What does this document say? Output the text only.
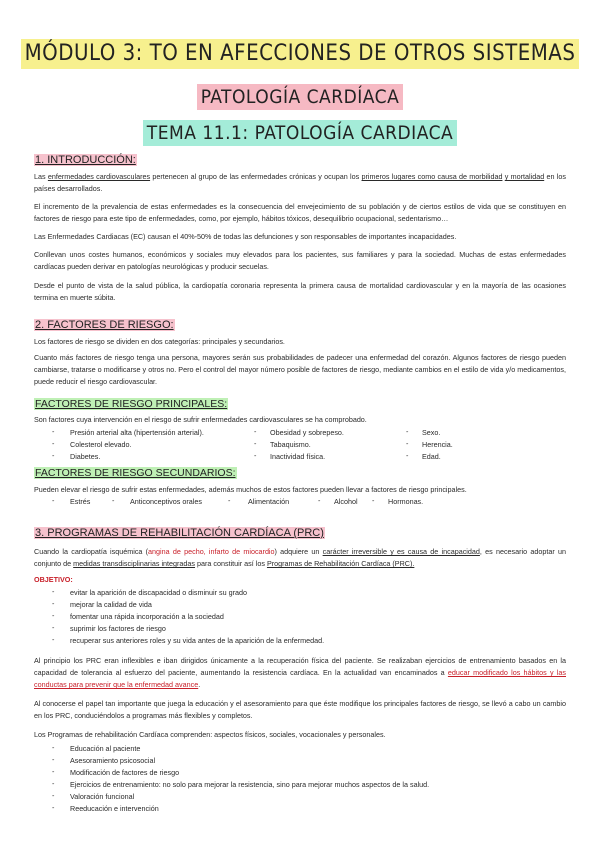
MÓDULO 3: TO EN AFECCIONES DE OTROS SISTEMAS
PATOLOGÍA CARDÍACA
TEMA 11.1: PATOLOGÍA CARDIACA
1. INTRODUCCIÓN:
Las enfermedades cardiovasculares pertenecen al grupo de las enfermedades crónicas y ocupan los primeros lugares como causa de morbilidad y mortalidad en los países desarrollados.
El incremento de la prevalencia de estas enfermedades es la consecuencia del envejecimiento de su población y de ciertos estilos de vida que se constituyen en factores de riesgo para este tipo de enfermedades, como, por ejemplo, hábitos tóxicos, desequilibrio ocupacional, sedentarismo…
Las Enfermedades Cardiacas (EC) causan el 40%-50% de todas las defunciones y son responsables de importantes incapacidades.
Conllevan unos costes humanos, económicos y sociales muy elevados para los pacientes, sus familiares y para la sociedad. Muchas de estas enfermedades cardíacas pueden derivar en patologías neurológicas y producir secuelas.
Desde el punto de vista de la salud pública, la cardiopatía coronaria representa la primera causa de mortalidad cardiovascular y en la mayoría de las ocasiones termina en muerte súbita.
2. FACTORES DE RIESGO:
Los factores de riesgo se dividen en dos categorías: principales y secundarios.
Cuanto más factores de riesgo tenga una persona, mayores serán sus probabilidades de padecer una enfermedad del corazón. Algunos factores de riesgo pueden cambiarse, tratarse o modificarse y otros no. Pero el control del mayor número posible de factores de riesgo, mediante cambios en el estilo de vida y/o medicamentos, puede reducir el riesgo cardiovascular.
FACTORES DE RIESGO PRINCIPALES:
Son factores cuya intervención en el riesgo de sufrir enfermedades cardiovasculares se ha comprobado.
- Presión arterial alta (hipertensión arterial).
- Colesterol elevado.
- Diabetes.
- Obesidad y sobrepeso.
- Tabaquismo.
- Inactividad física.
- Sexo.
- Herencia.
- Edad.
FACTORES DE RIESGO SECUNDARIOS:
Pueden elevar el riesgo de sufrir estas enfermedades, además muchos de estos factores pueden llevar a factores de riesgo principales.
- Estrés	- Anticonceptivos orales	- Alimentación	- Alcohol - Hormonas.
3. PROGRAMAS DE REHABILITACIÓN CARDÍACA (PRC)
Cuando la cardiopatía isquémica (angina de pecho, infarto de miocardio) adquiere un carácter irreversible y es causa de incapacidad, es necesario adoptar un conjunto de medidas transdisciplinarias integradas para constituir así los Programas de Rehabilitación Cardíaca (PRC).
OBJETIVO:
- evitar la aparición de discapacidad o disminuir su grado
- mejorar la calidad de vida
- fomentar una rápida incorporación a la sociedad
- suprimir los factores de riesgo
- recuperar sus anteriores roles y su vida antes de la aparición de la enfermedad.
Al principio los PRC eran inflexibles e iban dirigidos únicamente a la recuperación física del paciente. Se realizaban ejercicios de entrenamiento basados en la capacidad de tolerancia al esfuerzo del paciente, aumentando la resistencia cardíaca. En la actualidad van encaminados a educar modificado los hábitos y las conductas para prevenir que la enfermedad avance.
Al conocerse el papel tan importante que juega la educación y el asesoramiento para que éste modifique los principales factores de riesgo, se llevó a cabo un cambio en los PRC, conduciéndolos a programas más flexibles y completos.
Los Programas de rehabilitación Cardíaca comprenden: aspectos físicos, sociales, vocacionales y personales.
- Educación al paciente
- Asesoramiento psicosocial
- Modificación de factores de riesgo
- Ejercicios de entrenamiento: no solo para mejorar la resistencia, sino para mejorar muchos aspectos de la salud.
- Valoración funcional
- Reeducación e intervención
